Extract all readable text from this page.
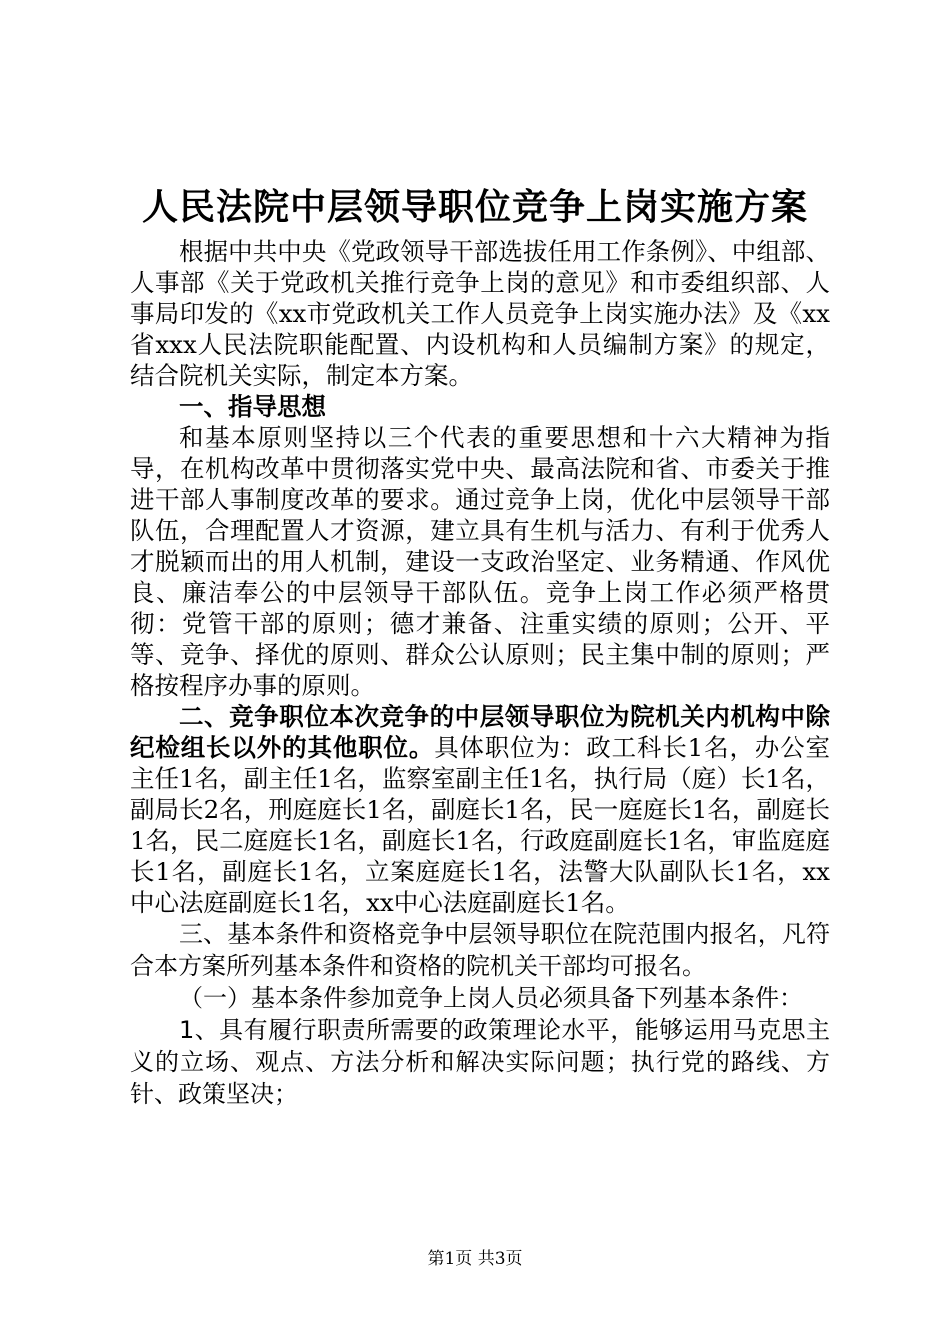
人民法院中层领导职位竞争上岗实施方案

根据中共中央《党政领导干部选拔任用工作条例》、中组部、人事部《关于党政机关推行竞争上岗的意见》和市委组织部、人事局印发的《xx市党政机关工作人员竞争上岗实施办法》及《xx省xxx人民法院职能配置、内设机构和人员编制方案》的规定，结合院机关实际，制定本方案。

一、指导思想

和基本原则坚持以三个代表的重要思想和十六大精神为指导，在机构改革中贯彻落实党中央、最高法院和省、市委关于推进干部人事制度改革的要求。通过竞争上岗，优化中层领导干部队伍，合理配置人才资源，建立具有生机与活力、有利于优秀人才脱颖而出的用人机制，建设一支政治坚定、业务精通、作风优良、廉洁奉公的中层领导干部队伍。竞争上岗工作必须严格贯彻：党管干部的原则；德才兼备、注重实绩的原则；公开、平等、竞争、择优的原则、群众公认原则；民主集中制的原则；严格按程序办事的原则。

二、竞争职位本次竞争的中层领导职位为院机关内机构中除纪检组长以外的其他职位。具体职位为：政工科长1名，办公室主任1名，副主任1名，监察室副主任1名，执行局（庭）长1名，副局长2名，刑庭庭长1名，副庭长1名，民一庭庭长1名，副庭长1名，民二庭庭长1名，副庭长1名，行政庭副庭长1名，审监庭庭长1名，副庭长1名，立案庭庭长1名，法警大队副队长1名，xx中心法庭副庭长1名，xx中心法庭副庭长1名。

三、基本条件和资格竞争中层领导职位在院范围内报名，凡符合本方案所列基本条件和资格的院机关干部均可报名。

（一）基本条件参加竞争上岗人员必须具备下列基本条件：

1、具有履行职责所需要的政策理论水平，能够运用马克思主义的立场、观点、方法分析和解决实际问题；执行党的路线、方针、政策坚决；

第1页 共3页
